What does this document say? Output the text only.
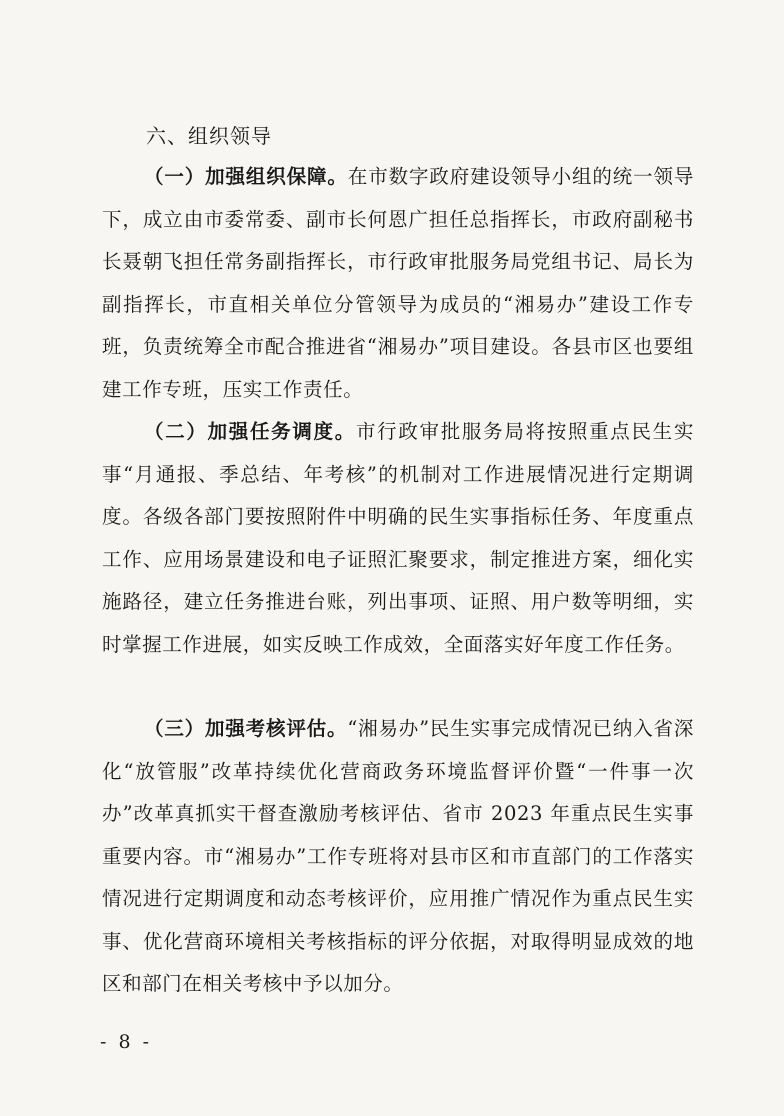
六、组织领导

（一）加强组织保障。在市数字政府建设领导小组的统一领导下，成立由市委常委、副市长何恩广担任总指挥长，市政府副秘书长聂朝飞担任常务副指挥长，市行政审批服务局党组书记、局长为副指挥长，市直相关单位分管领导为成员的“湘易办”建设工作专班，负责统筹全市配合推进省“湘易办”项目建设。各县市区也要组建工作专班，压实工作责任。

（二）加强任务调度。市行政审批服务局将按照重点民生实事“月通报、季总结、年考核”的机制对工作进展情况进行定期调度。各级各部门要按照附件中明确的民生实事指标任务、年度重点工作、应用场景建设和电子证照汇聚要求，制定推进方案，细化实施路径，建立任务推进台账，列出事项、证照、用户数等明细，实时掌握工作进展，如实反映工作成效，全面落实好年度工作任务。

（三）加强考核评估。“湘易办”民生实事完成情况已纳入省深化“放管服”改革持续优化营商政务环境监督评价暨“一件事一次办”改革真抓实干督查激励考核评估、省市 2023 年重点民生实事重要内容。市“湘易办”工作专班将对县市区和市直部门的工作落实情况进行定期调度和动态考核评价，应用推广情况作为重点民生实事、优化营商环境相关考核指标的评分依据，对取得明显成效的地区和部门在相关考核中予以加分。

- 8 -
